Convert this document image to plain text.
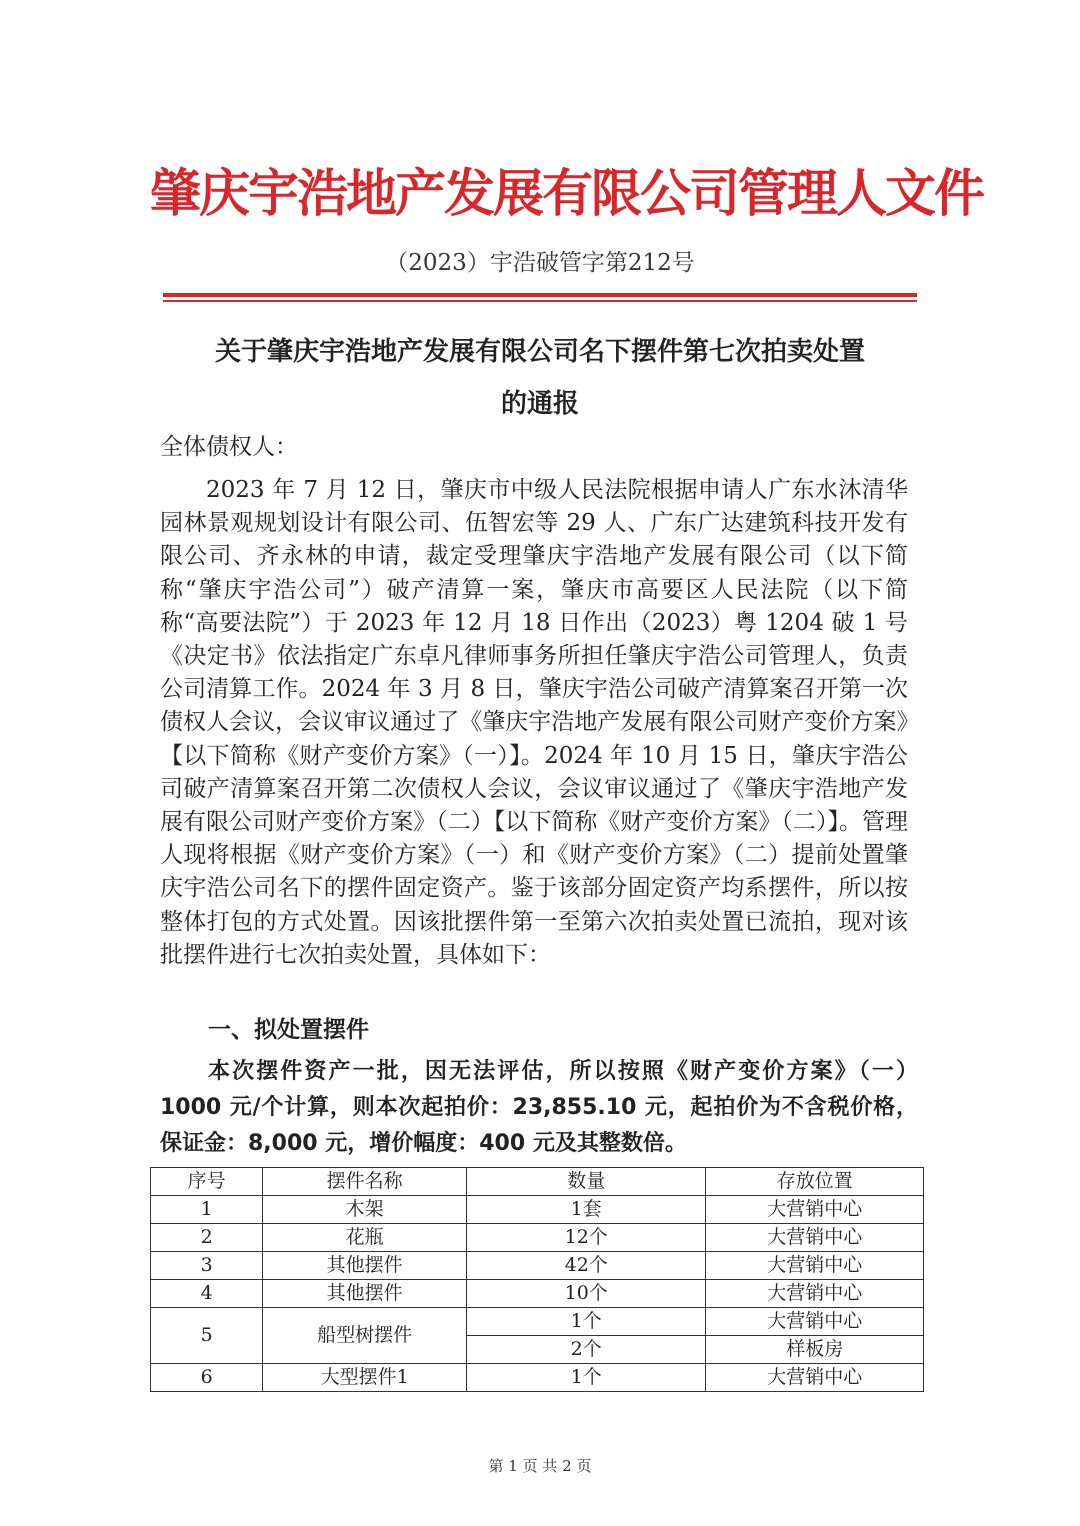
肇庆宇浩地产发展有限公司管理人文件
（2023）宇浩破管字第212号
关于肇庆宇浩地产发展有限公司名下摆件第七次拍卖处置
的通报
全体债权人：
2023 年 7 月 12 日，肇庆市中级人民法院根据申请人广东水沐清华园林景观规划设计有限公司、伍智宏等 29 人、广东广达建筑科技开发有限公司、齐永林的申请，裁定受理肇庆宇浩地产发展有限公司（以下简称“肇庆宇浩公司”）破产清算一案，肇庆市高要区人民法院（以下简称“高要法院”）于 2023 年 12 月 18 日作出（2023）粤 1204 破 1 号《决定书》依法指定广东卓凡律师事务所担任肇庆宇浩公司管理人，负责公司清算工作。2024 年 3 月 8 日，肇庆宇浩公司破产清算案召开第一次债权人会议，会议审议通过了《肇庆宇浩地产发展有限公司财产变价方案》【以下简称《财产变价方案》（一）】。2024 年 10 月 15 日，肇庆宇浩公司破产清算案召开第二次债权人会议，会议审议通过了《肇庆宇浩地产发展有限公司财产变价方案》（二）【以下简称《财产变价方案》（二）】。管理人现将根据《财产变价方案》（一）和《财产变价方案》（二）提前处置肇庆宇浩公司名下的摆件固定资产。鉴于该部分固定资产均系摆件，所以按整体打包的方式处置。因该批摆件第一至第六次拍卖处置已流拍，现对该批摆件进行七次拍卖处置，具体如下：
一、拟处置摆件
本次摆件资产一批，因无法评估，所以按照《财产变价方案》（一）1000 元/个计算，则本次起拍价：23,855.10 元，起拍价为不含税价格，保证金：8,000 元，增价幅度：400 元及其整数倍。
序号	摆件名称	数量	存放位置
1	木架	1套	大营销中心
2	花瓶	12个	大营销中心
3	其他摆件	42个	大营销中心
4	其他摆件	10个	大营销中心
5	船型树摆件	1个	大营销中心
		2个	样板房
6	大型摆件1	1个	大营销中心
第 1 页 共 2 页
